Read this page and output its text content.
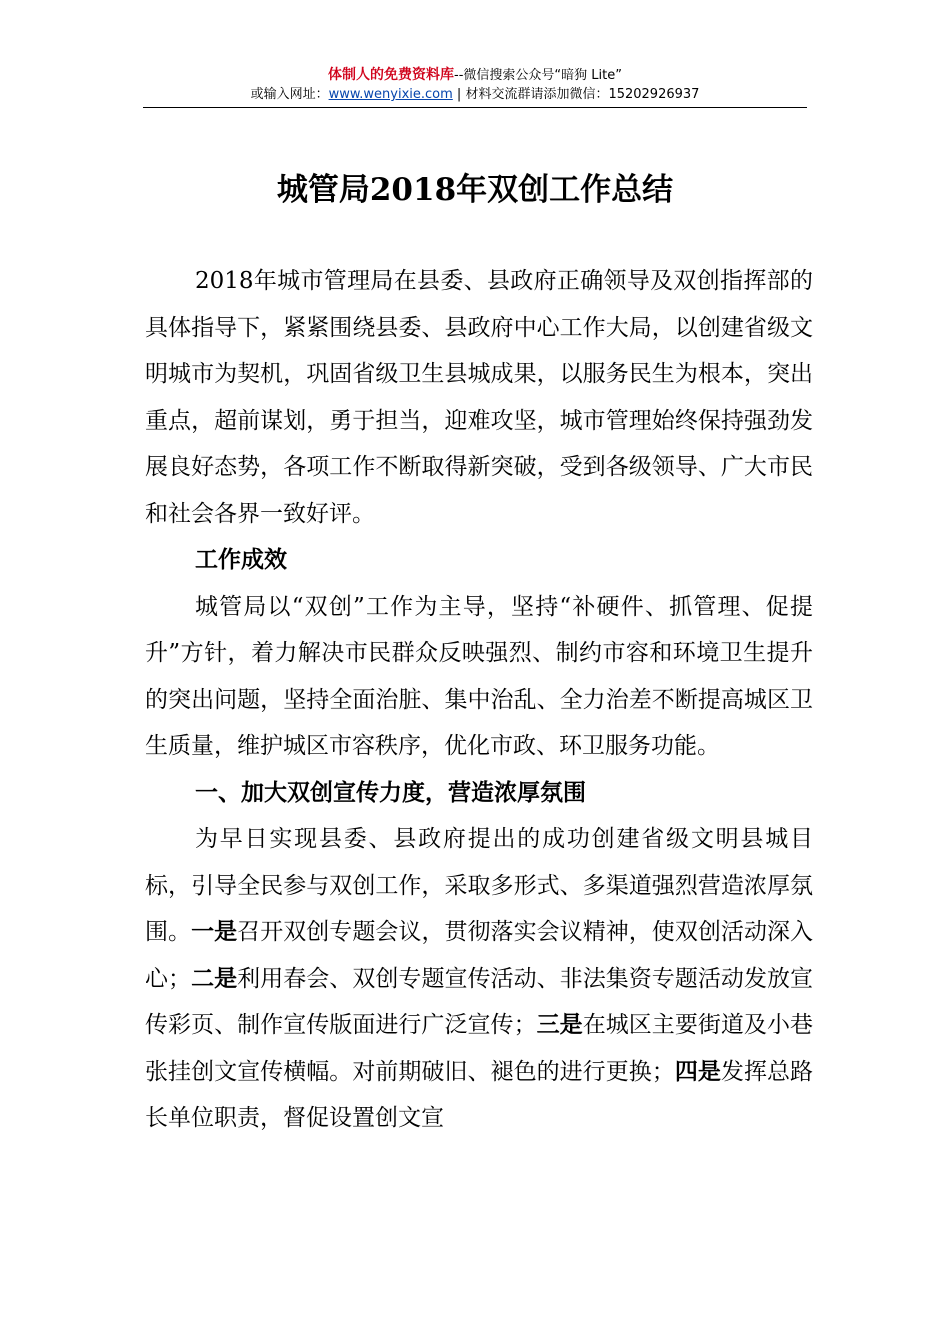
体制人的免费资料库--微信搜索公众号“暗狗 Lite”
或输入网址：www.wenyixie.com | 材料交流群请添加微信：15202926937
城管局2018年双创工作总结

2018年城市管理局在县委、县政府正确领导及双创指挥部的具体指导下，紧紧围绕县委、县政府中心工作大局，以创建省级文明城市为契机，巩固省级卫生县城成果，以服务民生为根本，突出重点，超前谋划，勇于担当，迎难攻坚，城市管理始终保持强劲发展良好态势，各项工作不断取得新突破，受到各级领导、广大市民和社会各界一致好评。

工作成效

城管局以“双创”工作为主导，坚持“补硬件、抓管理、促提升”方针，着力解决市民群众反映强烈、制约市容和环境卫生提升的突出问题，坚持全面治脏、集中治乱、全力治差不断提高城区卫生质量，维护城区市容秩序，优化市政、环卫服务功能。

一、加大双创宣传力度，营造浓厚氛围

为早日实现县委、县政府提出的成功创建省级文明县城目标，引导全民参与双创工作，采取多形式、多渠道强烈营造浓厚氛围。一是召开双创专题会议，贯彻落实会议精神，使双创活动深入心；二是利用春会、双创专题宣传活动、非法集资专题活动发放宣传彩页、制作宣传版面进行广泛宣传；三是在城区主要街道及小巷张挂创文宣传横幅。对前期破旧、褪色的进行更换；四是发挥总路长单位职责，督促设置创文宣
